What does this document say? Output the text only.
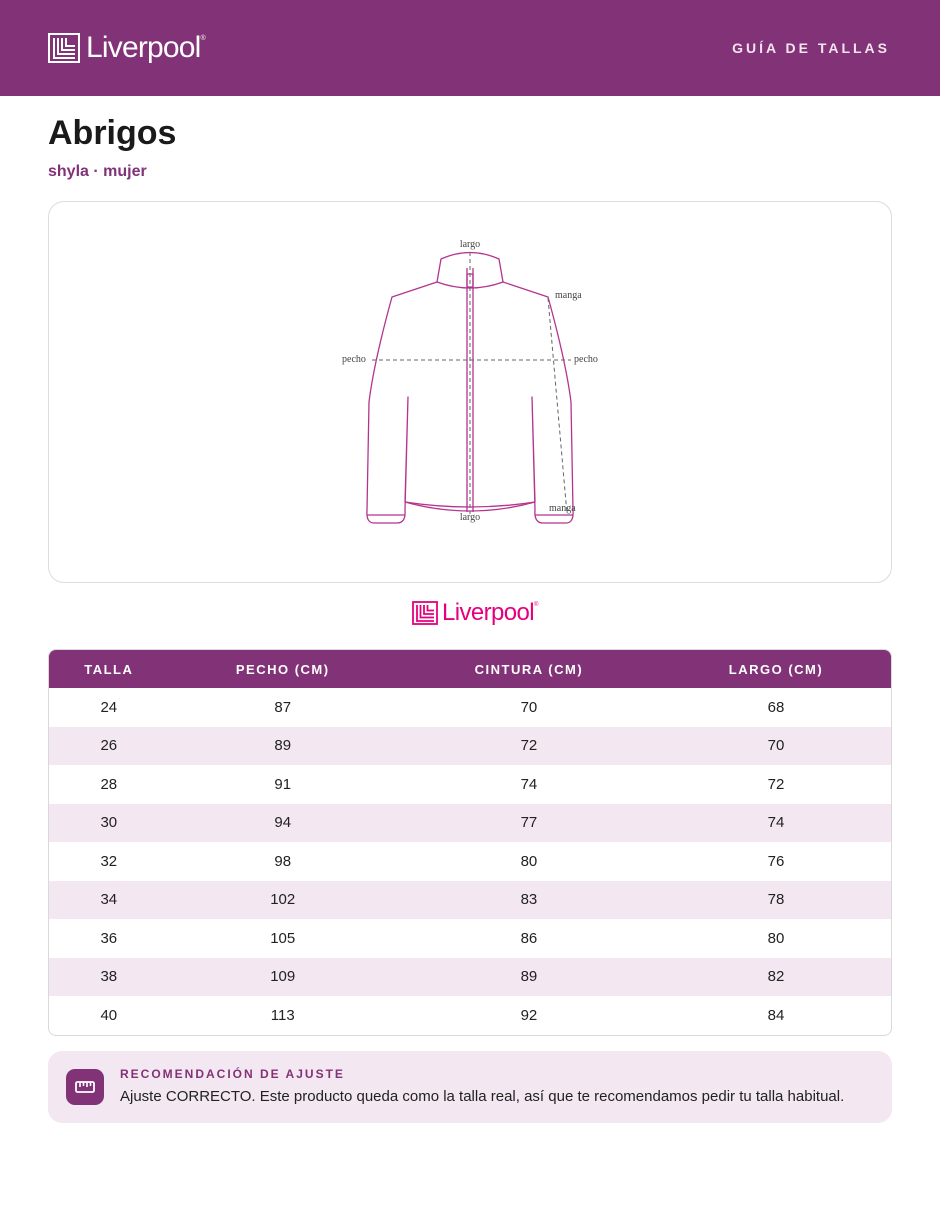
Liverpool ®
GUÍA DE TALLAS
Abrigos
shyla · mujer
largo
largo
manga
manga
pecho	pecho
Liverpool ®
TALLA	PECHO (CM)	CINTURA (CM)	LARGO (CM)
24	87	70	68
26	89	72	70
28	91	74	72
30	94	77	74
32	98	80	76
34	102	83	78
36	105	86	80
38	109	89	82
40	113	92	84
RECOMENDACIÓN DE AJUSTE
Ajuste CORRECTO. Este producto queda como la talla real, así que te recomendamos pedir tu talla habitual.
